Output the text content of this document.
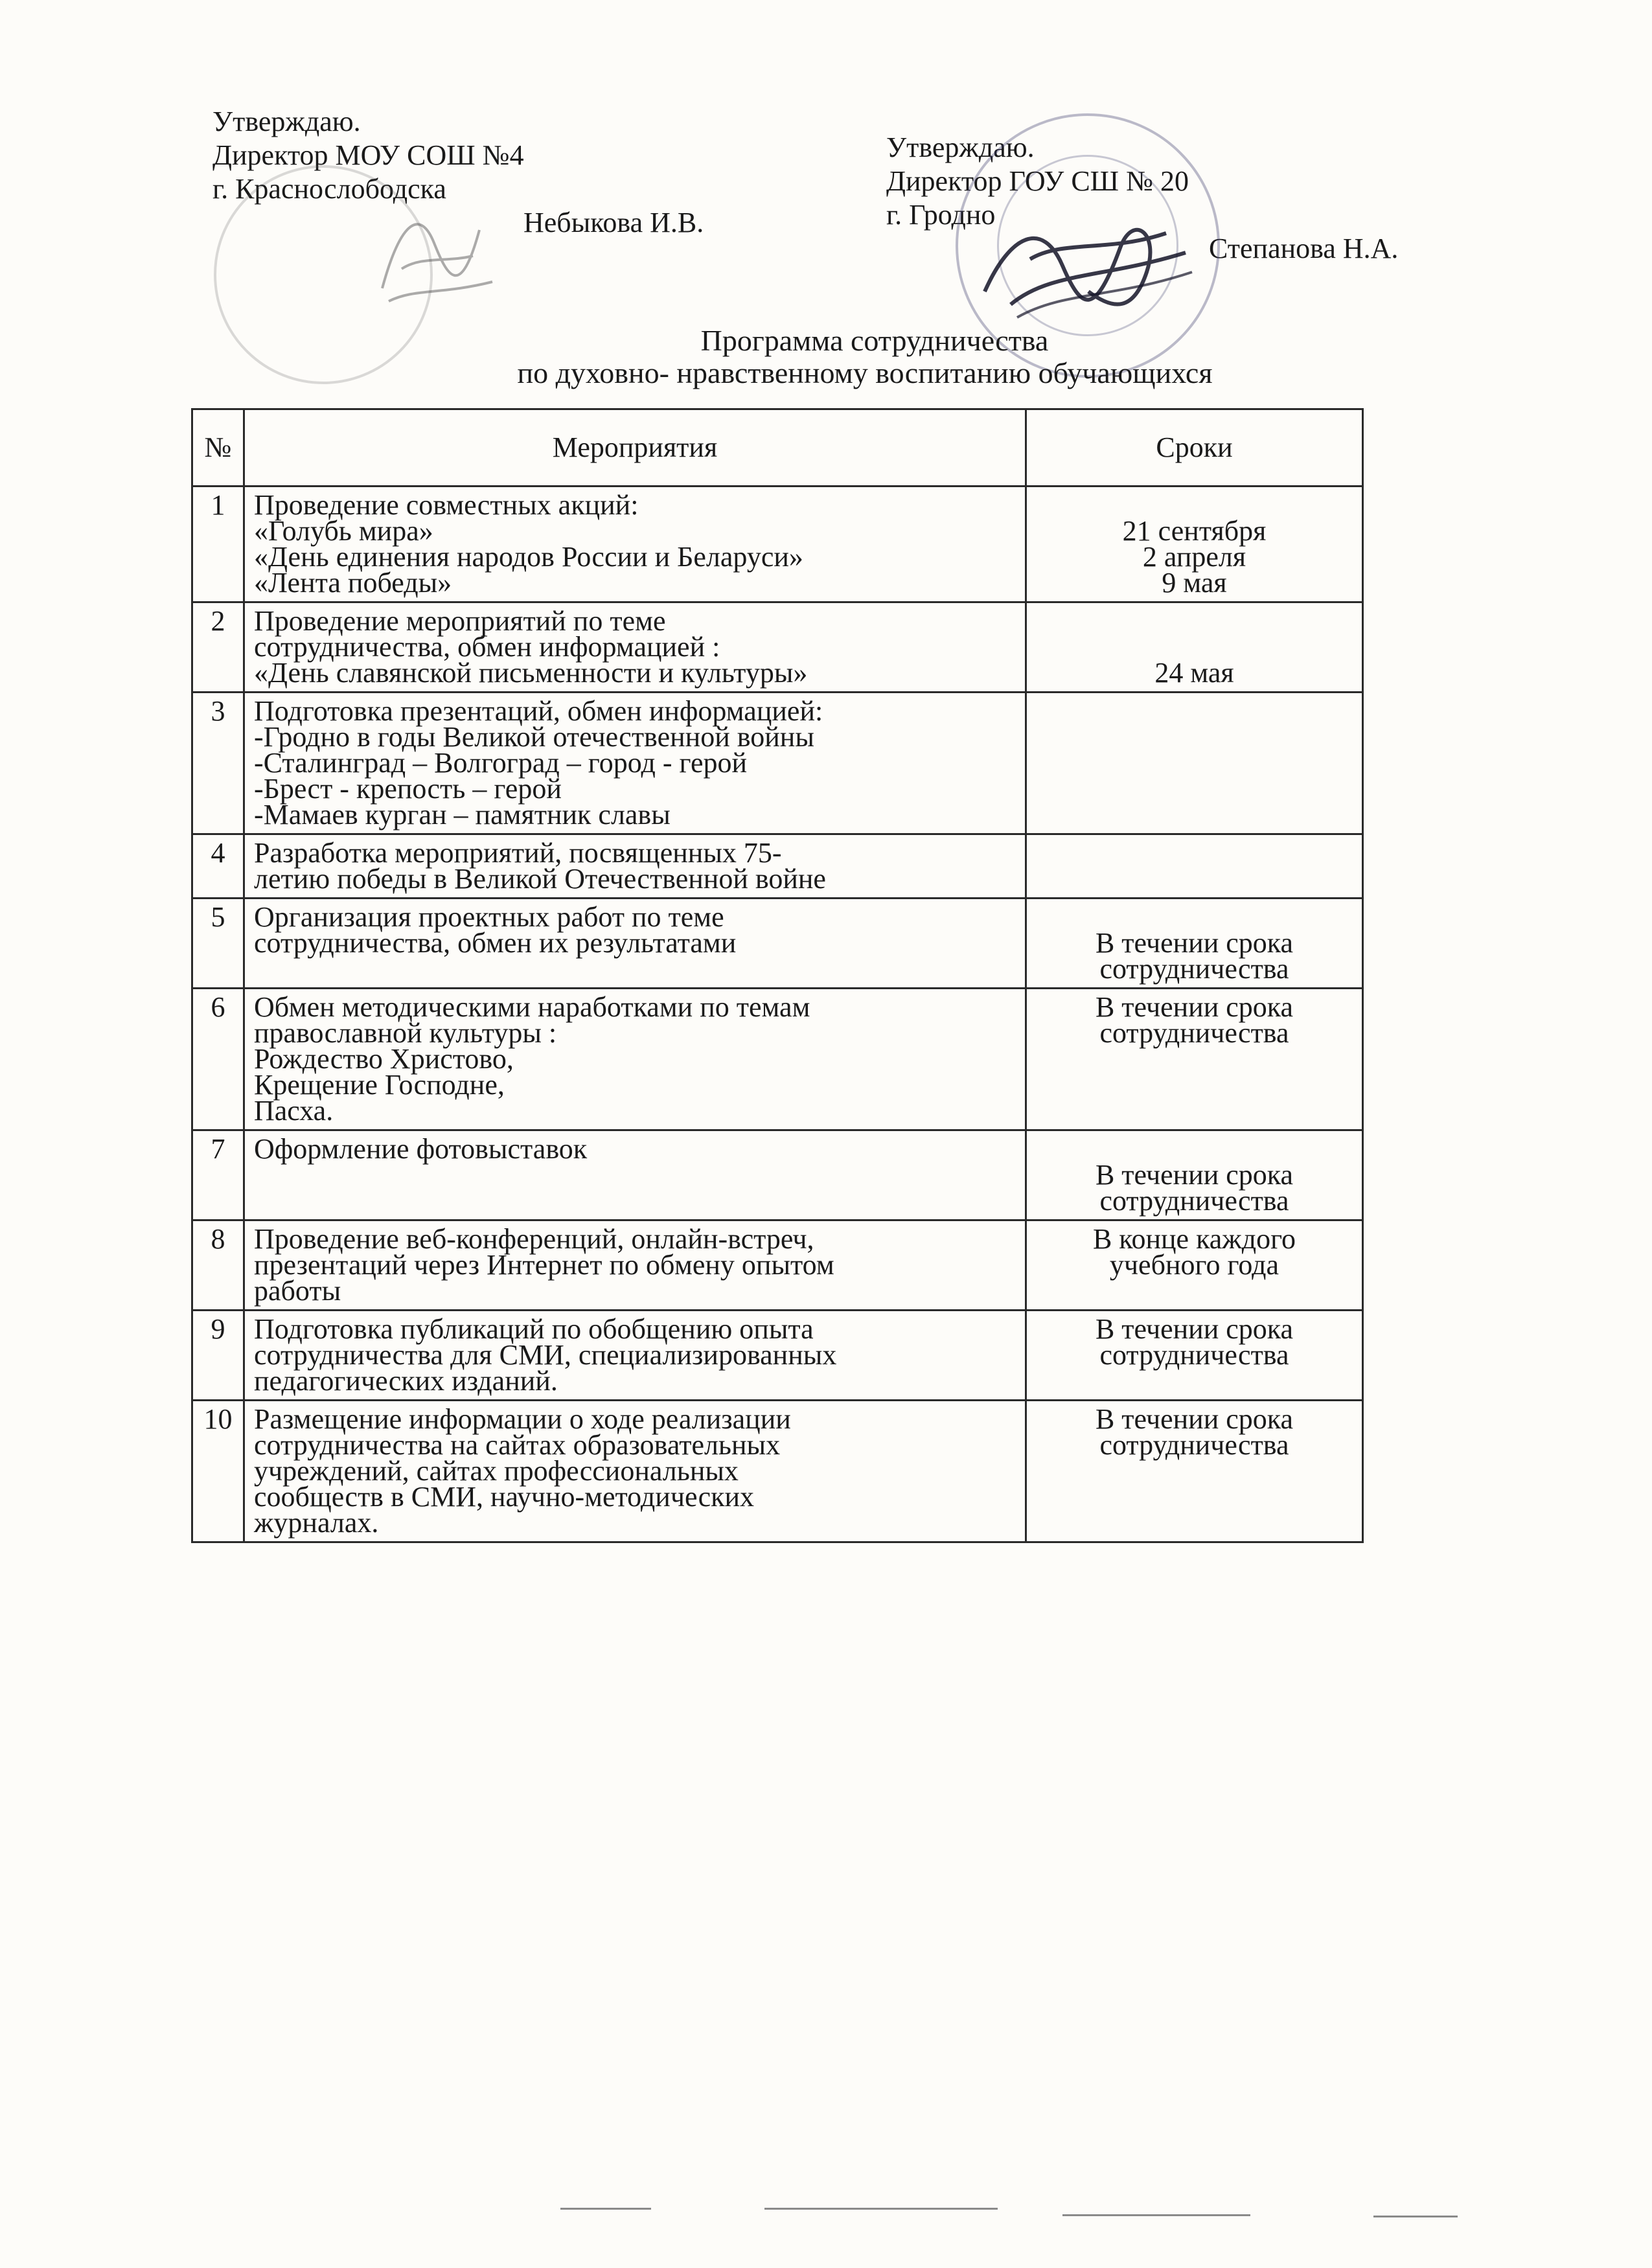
Утверждаю.
Директор МОУ СОШ №4
г. Краснослободска
Небыкова И.В.
Утверждаю.
Директор ГОУ СШ № 20
г. Гродно
Степанова Н.А.
Программа сотрудничества
по духовно- нравственному воспитанию обучающихся
№	Мероприятия	Сроки
1	Проведение совместных акций:
«Голубь мира»
«День единения народов России и Беларуси»
«Лента победы»	21 сентября
2 апреля
9 мая

2	Проведение мероприятий по теме
сотрудничества, обмен информацией :
«День славянской письменности и культуры»	24 мая

3	Подготовка презентаций, обмен информацией:
-Гродно в годы Великой отечественной войны
-Сталинград – Волгоград – город - герой
-Брест - крепость – герой
-Мамаев курган – памятник славы	

4	Разработка мероприятий, посвященных 75-
летию победы в Великой Отечественной войне	

5	Организация проектных работ по теме
сотрудничества, обмен их результатами	В течении срока
сотрудничества

6	Обмен методическими наработками по темам
православной культуры :
Рождество Христово,
Крещение Господне,
Пасха.	В течении срока
сотрудничества

7	Оформление фотовыставок	В течении срока
сотрудничества

8	Проведение веб-конференций, онлайн-встреч,
презентаций через Интернет по обмену опытом
работы	В конце каждого
учебного года

9	Подготовка публикаций по обобщению опыта
сотрудничества для СМИ, специализированных
педагогических изданий.	В течении срока
сотрудничества

10	Размещение информации о ходе реализации
сотрудничества на сайтах образовательных
учреждений, сайтах профессиональных
сообществ в СМИ, научно-методических
журналах.	В течении срока
сотрудничества
